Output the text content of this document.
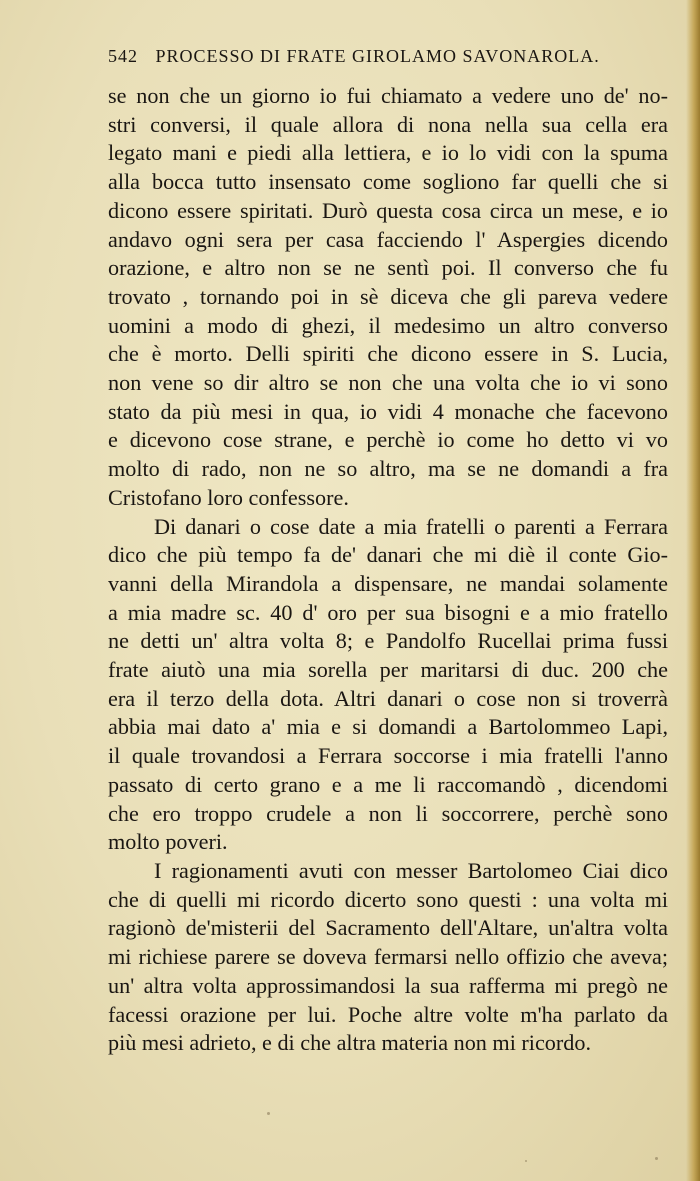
542 PROCESSO DI FRATE GIROLAMO SAVONAROLA.

se non che un giorno io fui chiamato a vedere uno de' no-
stri conversi, il quale allora di nona nella sua cella era
legato mani e piedi alla lettiera, e io lo vidi con la spuma
alla bocca tutto insensato come sogliono far quelli che si
dicono essere spiritati. Durò questa cosa circa un mese, e io
andavo ogni sera per casa facciendo l' Aspergies dicendo
orazione, e altro non se ne sentì poi. Il converso che fu
trovato , tornando poi in sè diceva che gli pareva vedere
uomini a modo di ghezi, il medesimo un altro converso
che è morto. Delli spiriti che dicono essere in S. Lucia,
non vene so dir altro se non che una volta che io vi sono
stato da più mesi in qua, io vidi 4 monache che facevono
e dicevono cose strane, e perchè io come ho detto vi vo
molto di rado, non ne so altro, ma se ne domandi a fra
Cristofano loro confessore.

Di danari o cose date a mia fratelli o parenti a Ferrara
dico che più tempo fa de' danari che mi diè il conte Gio-
vanni della Mirandola a dispensare, ne mandai solamente
a mia madre sc. 40 d' oro per sua bisogni e a mio fratello
ne detti un' altra volta 8; e Pandolfo Rucellai prima fussi
frate aiutò una mia sorella per maritarsi di duc. 200 che
era il terzo della dota. Altri danari o cose non si troverrà
abbia mai dato a' mia e si domandi a Bartolommeo Lapi,
il quale trovandosi a Ferrara soccorse i mia fratelli l'anno
passato di certo grano e a me li raccomandò , dicendomi
che ero troppo crudele a non li soccorrere, perchè sono
molto poveri.

I ragionamenti avuti con messer Bartolomeo Ciai dico
che di quelli mi ricordo dicerto sono questi : una volta mi
ragionò de'misterii del Sacramento dell'Altare, un'altra volta
mi richiese parere se doveva fermarsi nello offizio che aveva;
un' altra volta approssimandosi la sua rafferma mi pregò ne
facessi orazione per lui. Poche altre volte m'ha parlato da
più mesi adrieto, e di che altra materia non mi ricordo.
